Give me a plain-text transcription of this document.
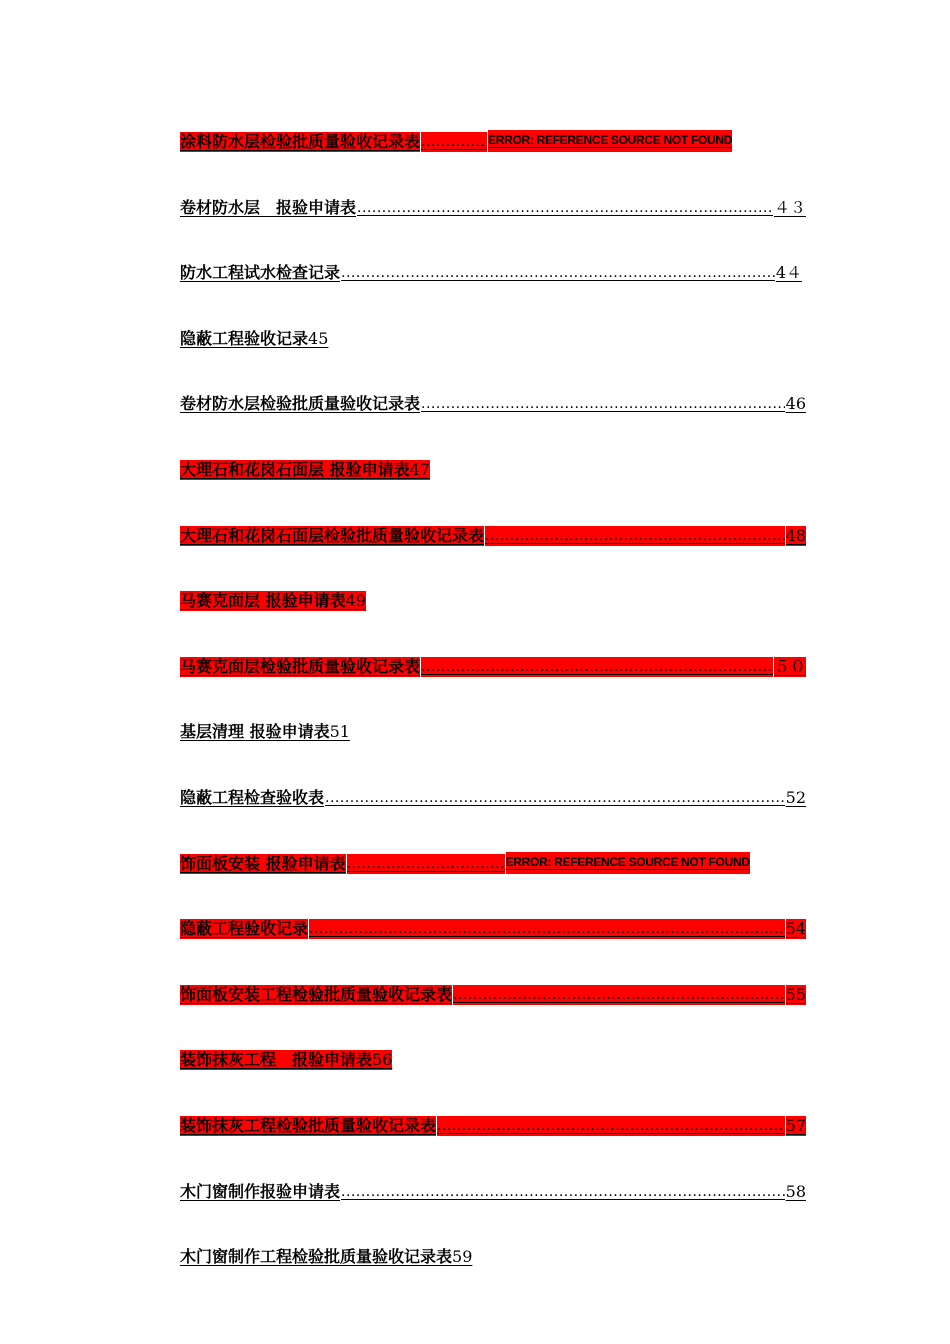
涂料防水层检验批质量验收记录表 .....	ERROR: REFERENCE SOURCE NOT FOUND
卷材防水层　报验申请表 .....	４３
防水工程试水检查记录 .....	4４
隐蔽工程验收记录 45
卷材防水层检验批质量验收记录表 .....	46
大理石和花岗石面层 报验申请表 47
大理石和花岗石面层检验批质量验收记录表 .....	48
马赛克面层 报验申请表 49
马赛克面层检验批质量验收记录表 .....	５０
基层清理 报验申请表 51
隐蔽工程检查验收表 .....	52
饰面板安装 报验申请表 .....	ERROR: REFERENCE SOURCE NOT FOUND
隐蔽工程验收记录 .....	54
饰面板安装工程检验批质量验收记录表 .....	55
装饰抹灰工程　报验申请表 56
装饰抹灰工程检验批质量验收记录表 .....	57
木门窗制作报验申请表 .....	58
木门窗制作工程检验批质量验收记录表 59
